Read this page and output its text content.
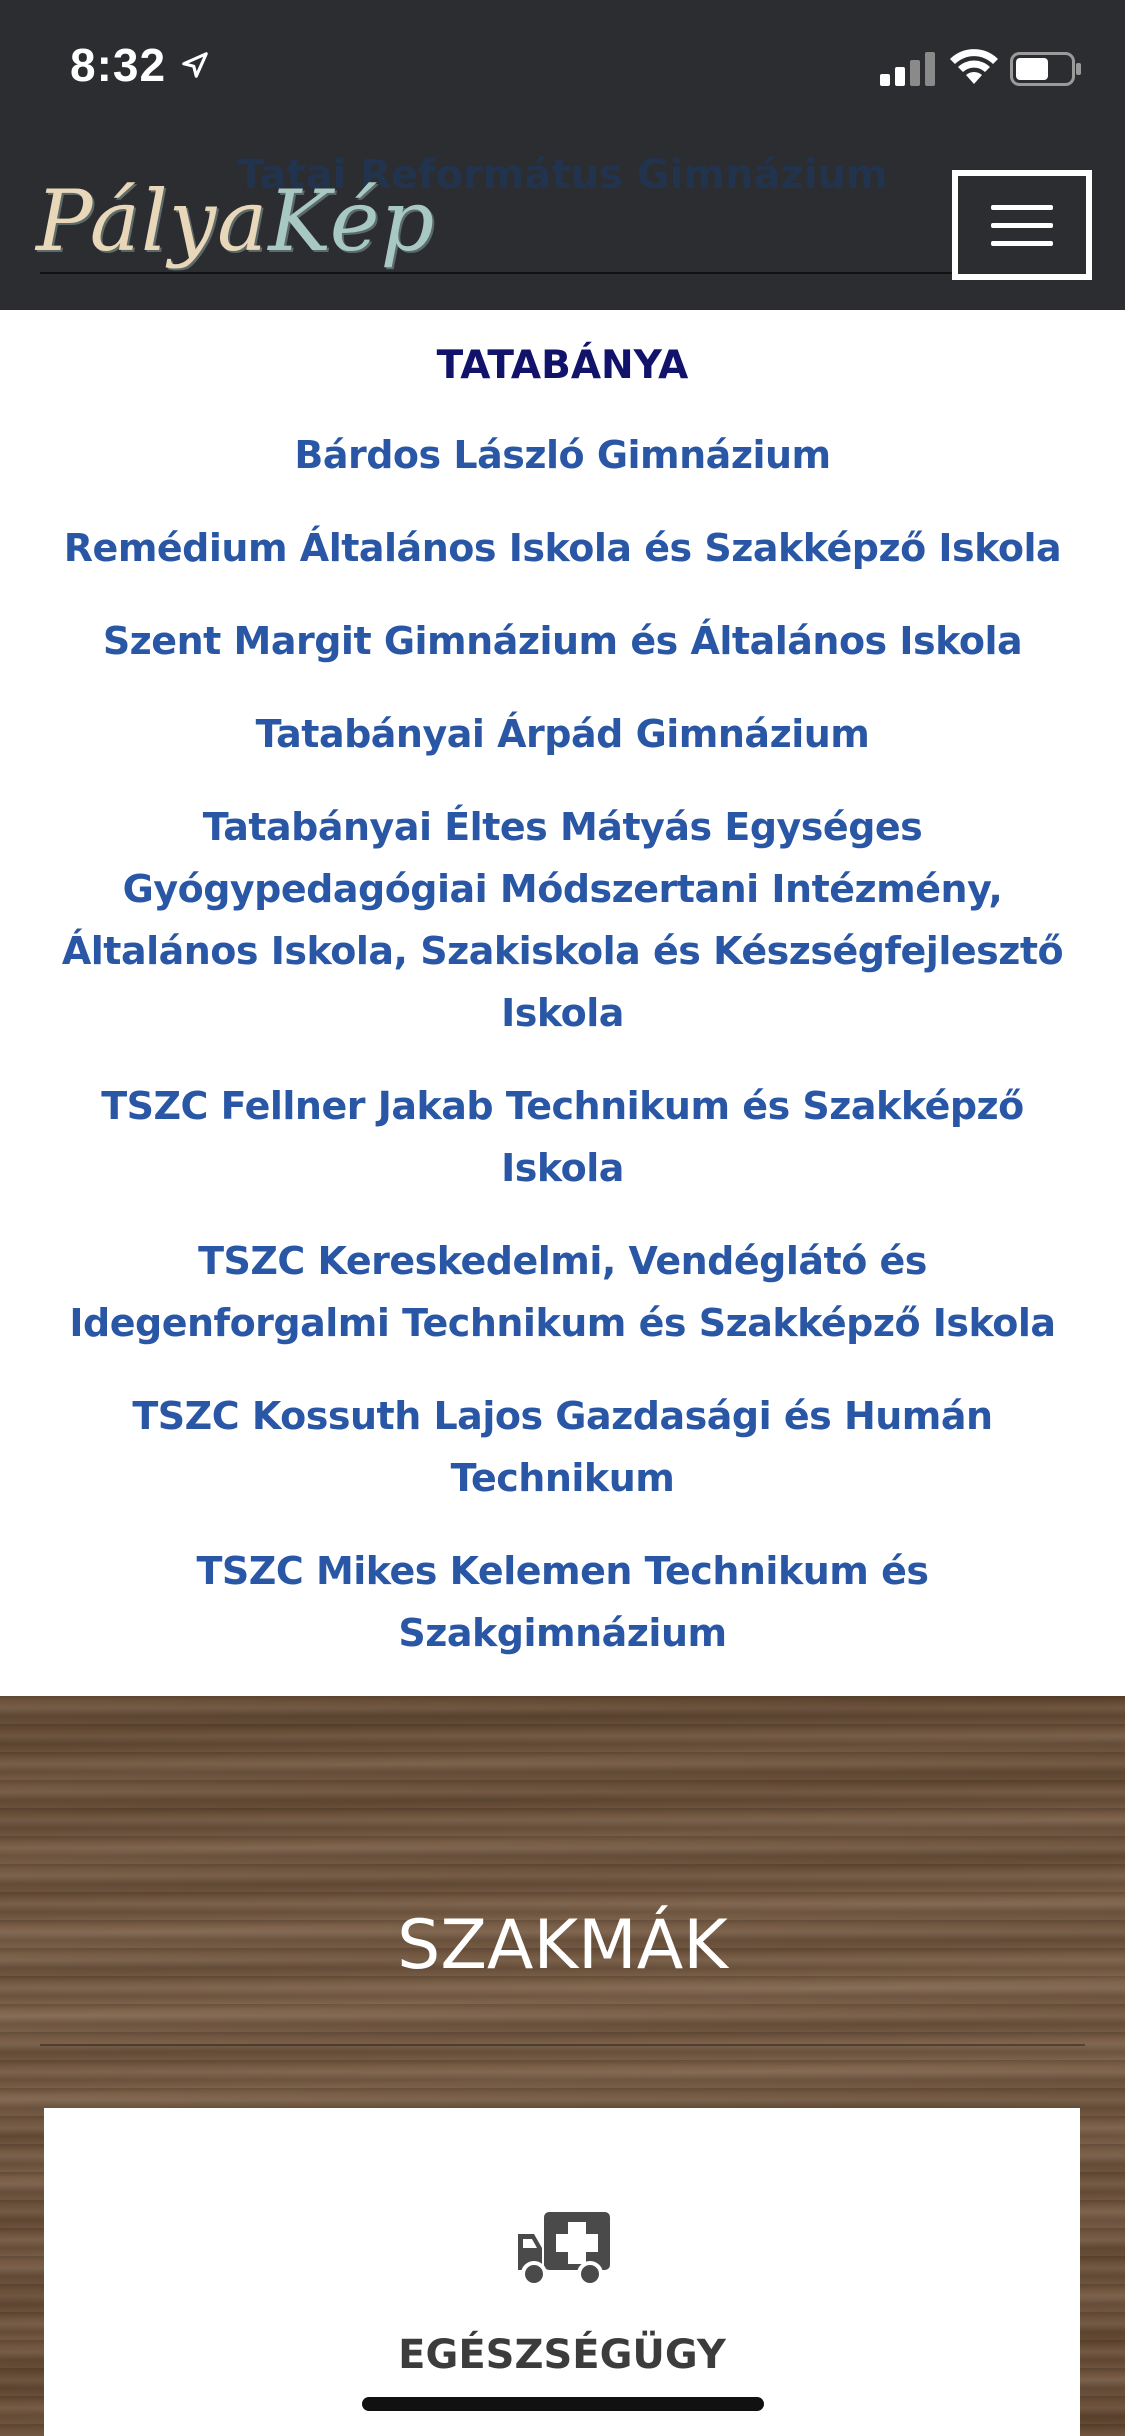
8:32
Tatai Református Gimnázium
PályaKép
TATABÁNYA
Bárdos László Gimnázium
Remédium Általános Iskola és Szakképző Iskola
Szent Margit Gimnázium és Általános Iskola
Tatabányai Árpád Gimnázium
Tatabányai Éltes Mátyás Egységes Gyógypedagógiai Módszertani Intézmény, Általános Iskola, Szakiskola és Készségfejlesztő Iskola
TSZC Fellner Jakab Technikum és Szakképző Iskola
TSZC Kereskedelmi, Vendéglátó és Idegenforgalmi Technikum és Szakképző Iskola
TSZC Kossuth Lajos Gazdasági és Humán Technikum
TSZC Mikes Kelemen Technikum és Szakgimnázium
SZAKMÁK
EGÉSZSÉGÜGY
